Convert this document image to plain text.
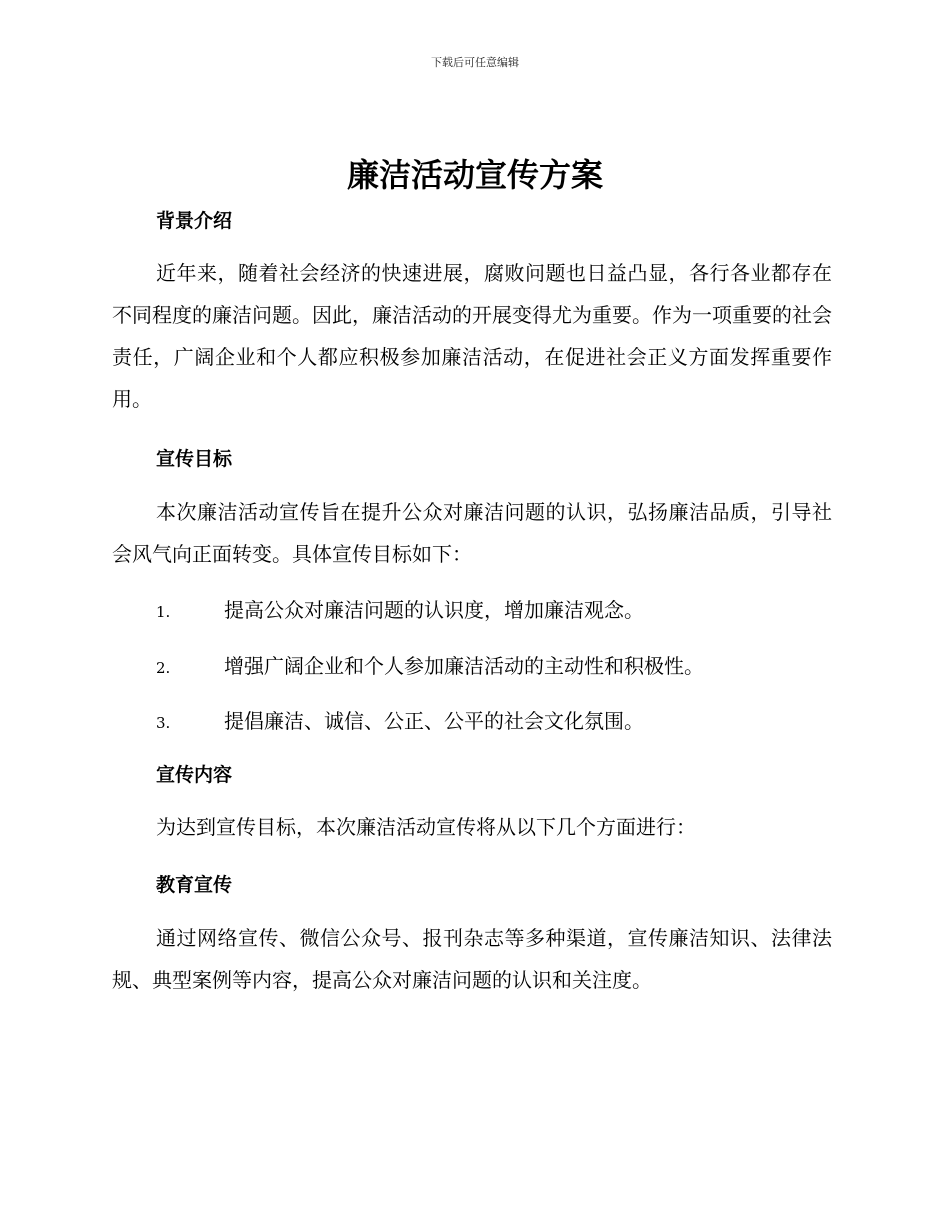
下载后可任意编辑
廉洁活动宣传方案
背景介绍

近年来，随着社会经济的快速进展，腐败问题也日益凸显，各行各业都存在不同程度的廉洁问题。因此，廉洁活动的开展变得尤为重要。作为一项重要的社会责任，广阔企业和个人都应积极参加廉洁活动，在促进社会正义方面发挥重要作用。

宣传目标

本次廉洁活动宣传旨在提升公众对廉洁问题的认识，弘扬廉洁品质，引导社会风气向正面转变。具体宣传目标如下：

1.	提高公众对廉洁问题的认识度，增加廉洁观念。
2.	增强广阔企业和个人参加廉洁活动的主动性和积极性。
3.	提倡廉洁、诚信、公正、公平的社会文化氛围。
宣传内容

为达到宣传目标，本次廉洁活动宣传将从以下几个方面进行：

教育宣传

通过网络宣传、微信公众号、报刊杂志等多种渠道，宣传廉洁知识、法律法规、典型案例等内容，提高公众对廉洁问题的认识和关注度。
